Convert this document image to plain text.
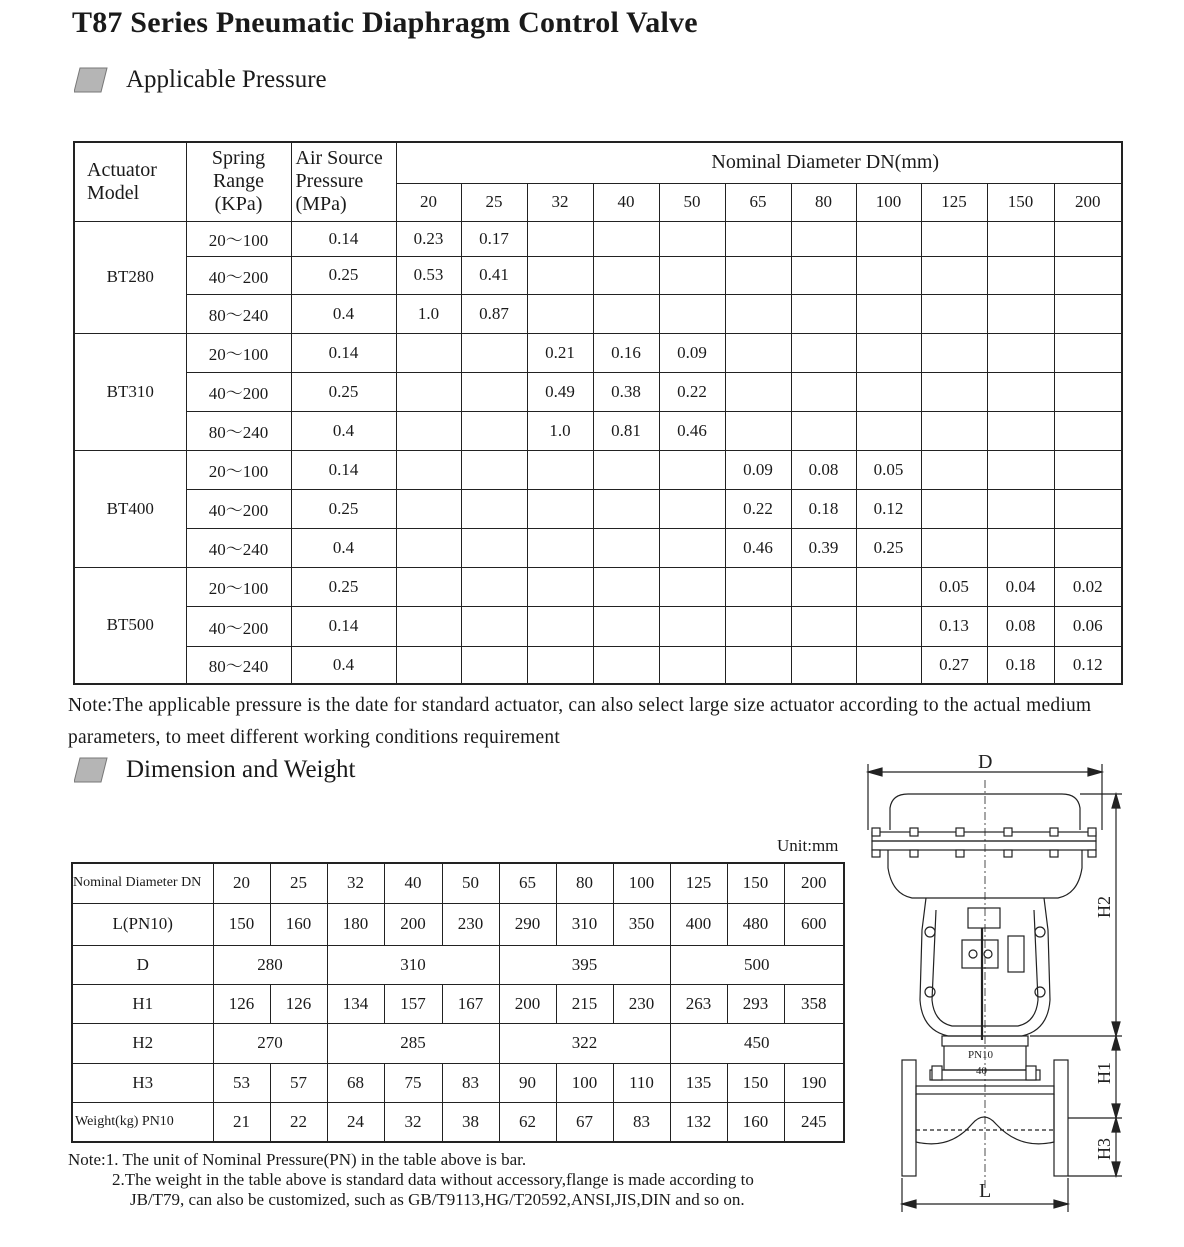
T87 Series Pneumatic Diaphragm Control Valve
Applicable Pressure
Actuator Model	Spring Range (KPa)	Air Source Pressure (MPa)	Nominal Diameter DN(mm)										
			20	25	32	40	50	65	80	100	125	150	200
BT280	20～100	0.14	0.23	0.17									
	40～200	0.25	0.53	0.41									
	80～240	0.4	1.0	0.87									
BT310	20～100	0.14			0.21	0.16	0.09						
	40～200	0.25			0.49	0.38	0.22						
	80～240	0.4			1.0	0.81	0.46						
BT400	20～100	0.14						0.09	0.08	0.05			
	40～200	0.25						0.22	0.18	0.12			
	40～240	0.4						0.46	0.39	0.25			
BT500	20～100	0.25									0.05	0.04	0.02
	40～200	0.14									0.13	0.08	0.06
	80～240	0.4									0.27	0.18	0.12
Note:The applicable pressure is the date for standard actuator, can also select large size actuator according to the actual medium parameters, to meet different working conditions requirement
Dimension and Weight
Unit:mm
Nominal Diameter DN	20	25	32	40	50	65	80	100	125	150	200
L(PN10)	150	160	180	200	230	290	310	350	400	480	600
D	280		310			395			500		
H1	126	126	134	157	167	200	215	230	263	293	358
H2	270		285			322			450		
H3	53	57	68	75	83	90	100	110	135	150	190
Weight(kg) PN10	21	22	24	32	38	62	67	83	132	160	245
Note:1. The unit of Nominal Pressure(PN) in the table above is bar.
2.The weight in the table above is standard data without accessory,flange is made according to
JB/T79, can also be customized, such as GB/T9113,HG/T20592,ANSI,JIS,DIN and so on.
D
PN10
40
H2
H1
H3
L
